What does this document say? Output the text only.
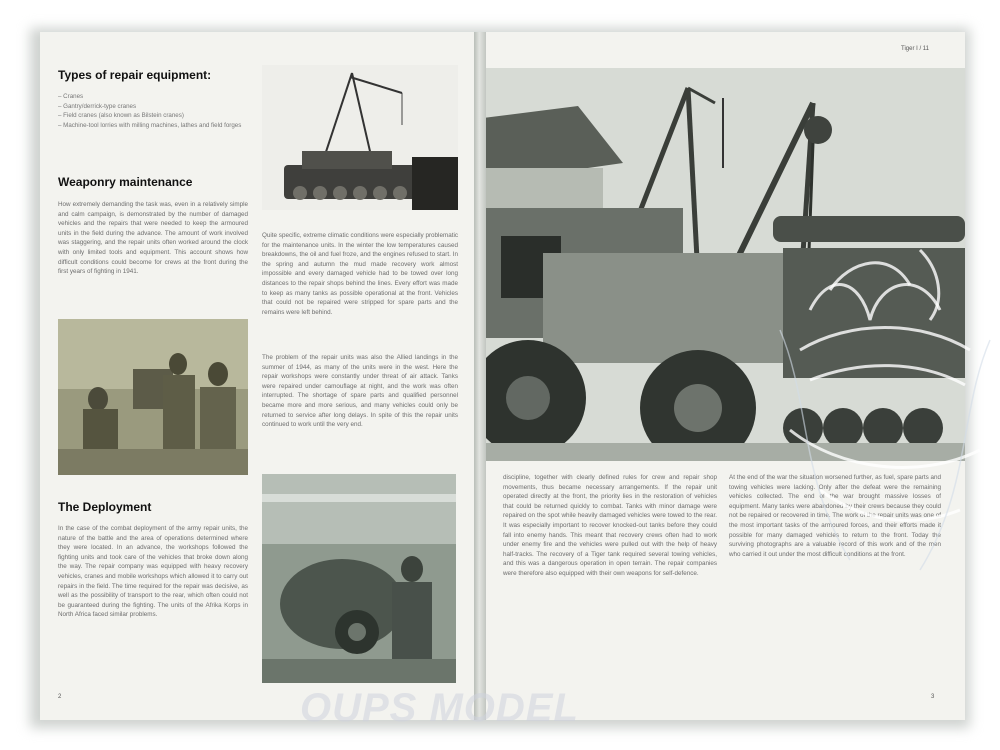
Types of repair equipment:
– Cranes
– Gantry/derrick-type cranes
– Field cranes (also known as Bilstein cranes)
– Machine-tool lorries with milling machines, lathes and field forges
Weaponry maintenance

How extremely demanding the task was, even in a relatively simple and calm campaign, is demonstrated by the number of damaged vehicles and the repairs that were needed to keep the armoured units in the field during the advance. The amount of work involved was staggering, and the repair units often worked around the clock with only limited tools and equipment. This account shows how difficult conditions could become for crews at the front during the first years of fighting in 1941.

The Deployment

In the case of the combat deployment of the army repair units, the nature of the battle and the area of operations determined where they were located. In an advance, the workshops followed the fighting units and took care of the vehicles that broke down along the way. The repair company was equipped with heavy recovery vehicles, cranes and mobile workshops which allowed it to carry out repairs in the field. The time required for the repair was decisive, as well as the possibility of transport to the rear, which often could not be guaranteed during the fighting. The units of the Afrika Korps in North Africa faced similar problems.

Quite specific, extreme climatic conditions were especially problematic for the maintenance units. In the winter the low temperatures caused breakdowns, the oil and fuel froze, and the engines refused to start. In the spring and autumn the mud made recovery work almost impossible and every damaged vehicle had to be towed over long distances to the repair shops behind the lines. Every effort was made to keep as many tanks as possible operational at the front. Vehicles that could not be repaired were stripped for spare parts and the remains were left behind.

The problem of the repair units was also the Allied landings in the summer of 1944, as many of the units were in the west. Here the repair workshops were constantly under threat of air attack. Tanks were repaired under camouflage at night, and the work was often interrupted. The shortage of spare parts and qualified personnel became more and more serious, and many vehicles could only be returned to service after long delays. In spite of this the repair units continued to work until the very end.

2
Tiger I / 11

discipline, together with clearly defined rules for crew and repair shop movements, thus became necessary arrangements. If the repair unit operated directly at the front, the priority lies in the restoration of vehicles that could be returned quickly to combat. Tanks with minor damage were repaired on the spot while heavily damaged vehicles were towed to the rear. It was especially important to recover knocked-out tanks before they could fall into enemy hands. This meant that recovery crews often had to work under enemy fire and the vehicles were pulled out with the help of heavy half-tracks. The recovery of a Tiger tank required several towing vehicles, and this was a dangerous operation in open terrain. The repair companies were therefore also equipped with their own weapons for self-defence.

At the end of the war the situation worsened further, as fuel, spare parts and towing vehicles were lacking. Only after the defeat were the remaining vehicles collected. The end of the war brought massive losses of equipment. Many tanks were abandoned by their crews because they could not be repaired or recovered in time. The work of the repair units was one of the most important tasks of the armoured forces, and their efforts made it possible for many damaged vehicles to return to the front. Today the surviving photographs are a valuable record of this work and of the men who carried it out under the most difficult conditions at the front.

3
OUPS MODEL
